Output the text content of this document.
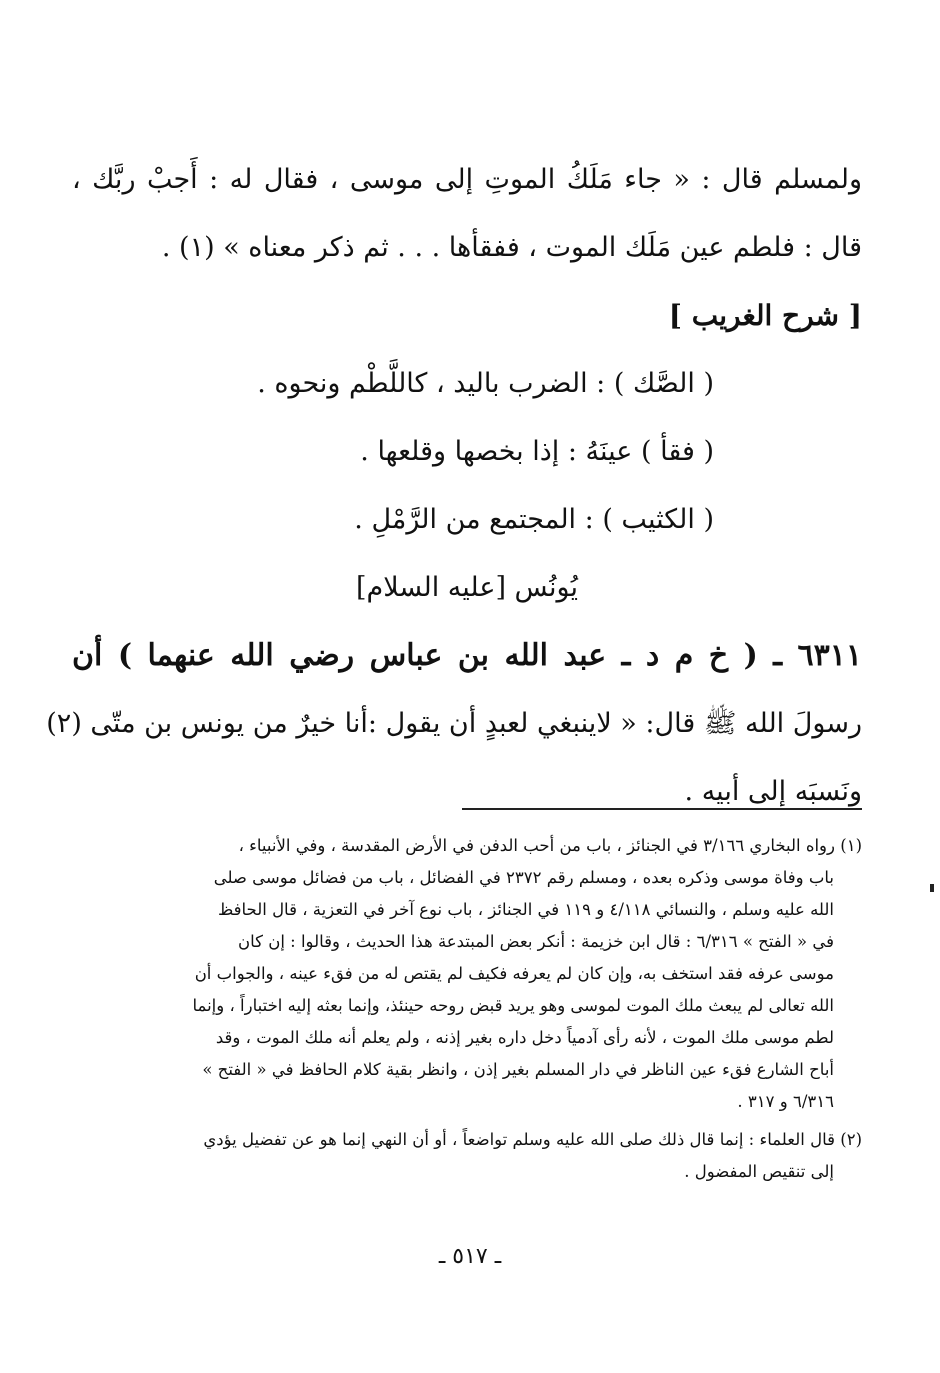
ولمسلم قال : « جاء مَلَكُ الموتِ إلى موسى ، فقال له : أَجبْ ربَّك ،
قال : فلطم عين مَلَك الموت ، ففقأها . . . ثم ذكر معناه » (١) .
[ شرح الغريب ]
( الصَّك ) : الضرب باليد ، كاللَّطْم ونحوه .
( فقأ ) عينَهُ : إذا بخصها وقلعها .
( الكثيب ) : المجتمع من الرَّمْلِ .
يُونُس [عليه السلام]
٦٣١١ ـ ( خ م د ـ عبد الله بن عباس رضي الله عنهما ) أن
رسولَ الله ﷺ قال: « لاينبغي لعبدٍ أن يقول :أنا خيرٌ من يونس بن متّى (٢)
ونَسبَه إلى أبيه .
(١) رواه البخاري ٣/١٦٦ في الجنائز ، باب من أحب الدفن في الأرض المقدسة ، وفي الأنبياء ،
باب وفاة موسى وذكره بعده ، ومسلم رقم ٢٣٧٢ في الفضائل ، باب من فضائل موسى صلى
الله عليه وسلم ، والنسائي ٤/١١٨ و ١١٩ في الجنائز ، باب نوع آخر في التعزية ، قال الحافظ
في « الفتح » ٦/٣١٦ : قال ابن خزيمة : أنكر بعض المبتدعة هذا الحديث ، وقالوا : إن كان
موسى عرفه فقد استخف به، وإن كان لم يعرفه فكيف لم يقتص له من فقء عينه ، والجواب أن
الله تعالى لم يبعث ملك الموت لموسى وهو يريد قبض روحه حينئذ، وإنما بعثه إليه اختباراً ، وإنما
لطم موسى ملك الموت ، لأنه رأى آدمياً دخل داره بغير إذنه ، ولم يعلم أنه ملك الموت ، وقد
أباح الشارع فقء عين الناظر في دار المسلم بغير إذن ، وانظر بقية كلام الحافظ في « الفتح »
٦/٣١٦ و ٣١٧ .
(٢) قال العلماء : إنما قال ذلك صلى الله عليه وسلم تواضعاً ، أو أن النهي إنما هو عن تفضيل يؤدي
إلى تنقيص المفضول .
ـ ٥١٧ ـ
